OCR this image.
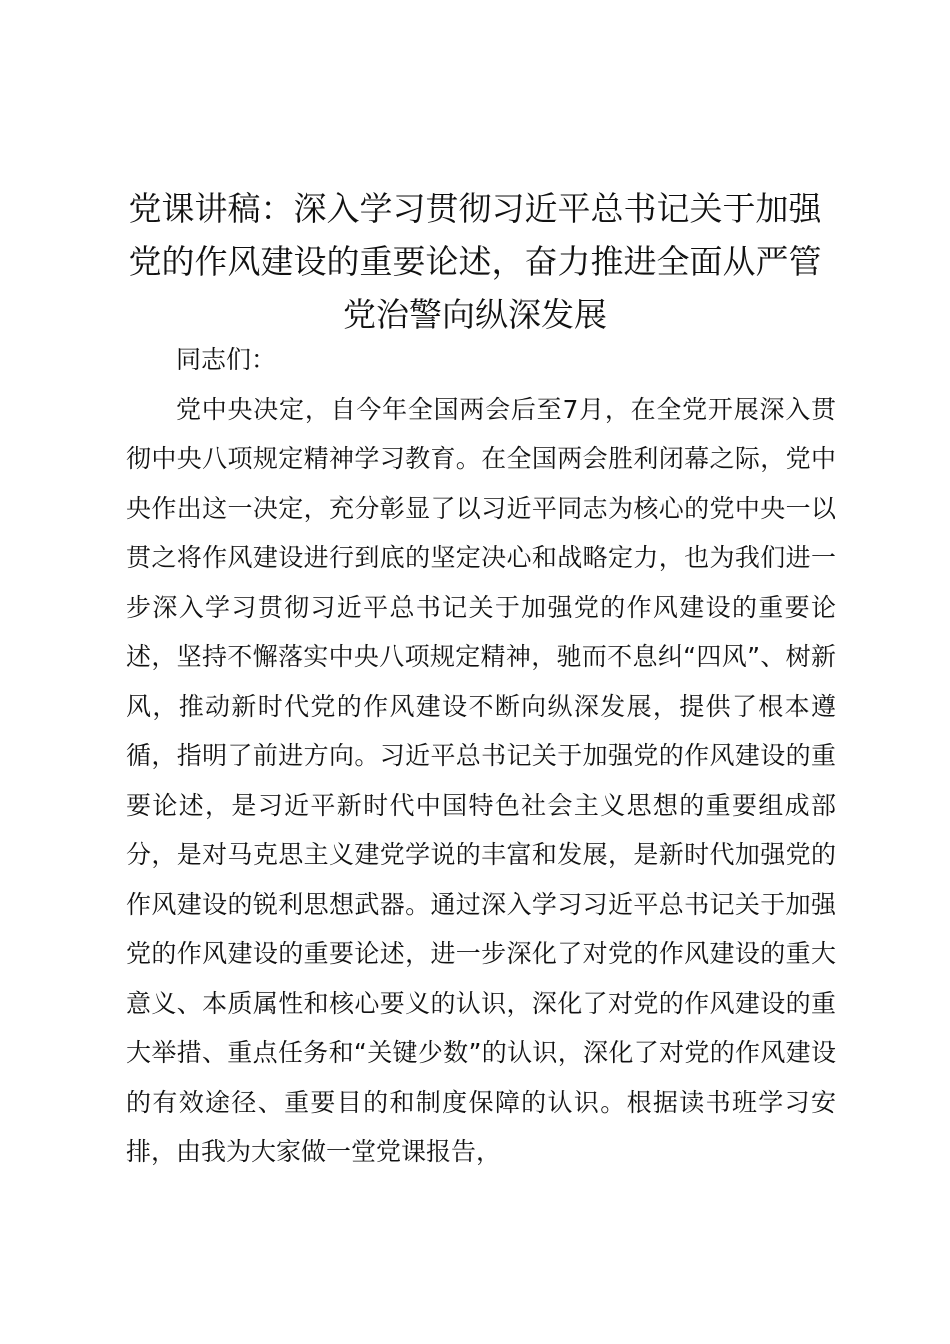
党课讲稿：深入学习贯彻习近平总书记关于加强党的作风建设的重要论述，奋力推进全面从严管党治警向纵深发展

同志们：

党中央决定，自今年全国两会后至7月，在全党开展深入贯彻中央八项规定精神学习教育。在全国两会胜利闭幕之际，党中央作出这一决定，充分彰显了以习近平同志为核心的党中央一以贯之将作风建设进行到底的坚定决心和战略定力，也为我们进一步深入学习贯彻习近平总书记关于加强党的作风建设的重要论述，坚持不懈落实中央八项规定精神，驰而不息纠“四风”、树新风，推动新时代党的作风建设不断向纵深发展，提供了根本遵循，指明了前进方向。习近平总书记关于加强党的作风建设的重要论述，是习近平新时代中国特色社会主义思想的重要组成部分，是对马克思主义建党学说的丰富和发展，是新时代加强党的作风建设的锐利思想武器。通过深入学习习近平总书记关于加强党的作风建设的重要论述，进一步深化了对党的作风建设的重大意义、本质属性和核心要义的认识，深化了对党的作风建设的重大举措、重点任务和“关键少数”的认识，深化了对党的作风建设的有效途径、重要目的和制度保障的认识。根据读书班学习安排，由我为大家做一堂党课报告，
